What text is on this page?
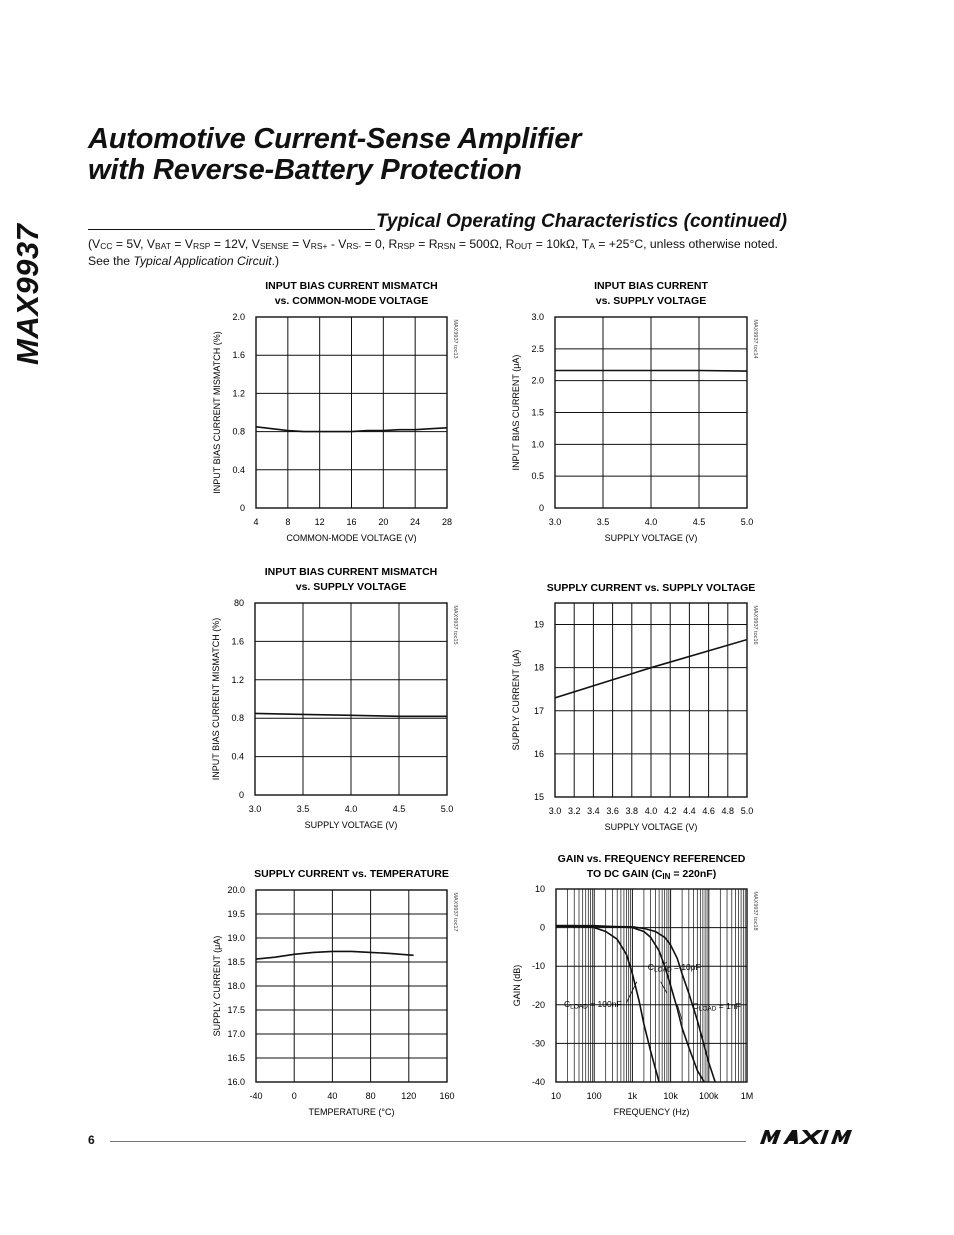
Automotive Current-Sense Amplifier
with Reverse-Battery Protection
MAX9937
Typical Operating Characteristics (continued)
($V_{CC} = 5V$, $V_{BAT} = V_{RSP} = 12V$, $V_{SENSE} = V_{RS+} - V_{RS-} = 0$, $R_{RSP} = R_{RSN} = 500\Omega$, $R_{OUT} = 10k\Omega$, $T_A = +25^\circ C$, unless otherwise noted.
See the Typical Application Circuit.)
INPUT BIAS CURRENT MISMATCH
vs. COMMON-MODE VOLTAGE
4	8	12 16 20 24 28
0
0.4
0.8
1.2
1.6
2.0
COMMON-MODE VOLTAGE (V)
INPUT BIAS CURRENT MISMATCH (%)	MAX9937 toc13
INPUT BIAS CURRENT
vs. SUPPLY VOLTAGE
3.0	3.5	4.0	4.5	5.0
0
0.5
1.0
1.5
2.0
2.5
3.0
SUPPLY VOLTAGE (V)
INPUT BIAS CURRENT (μA)
MAX9937 toc14
INPUT BIAS CURRENT MISMATCH
vs. SUPPLY VOLTAGE
3.0	3.5	4.0	4.5	5.0
0
0.4
0.8
1.2
1.6
80
SUPPLY VOLTAGE (V)
INPUT BIAS CURRENT MISMATCH (%)	MAX9937 toc15
SUPPLY CURRENT vs. SUPPLY VOLTAGE
3.0 3.2 3.4 3.6 3.8 4.0 4.2 4.4 4.6 4.8 5.0
15
16
17
18
19
SUPPLY VOLTAGE (V)
SUPPLY CURRENT (μA)
MAX9937 toc16
SUPPLY CURRENT vs. TEMPERATURE
-40	0	40	80	120	160
16.0
16.5
17.0
17.5
18.0
18.5
19.0
19.5
20.0
TEMPERATURE (°C)
SUPPLY CURRENT (μA)
MAX9937 toc17
GAIN vs. FREQUENCY REFERENCED
TO DC GAIN (CIN = 220nF)
10	100	1k	10k 100k 1M
-40
-30
-20
-10
0
10
FREQUENCY (Hz)
GAIN (dB)
MAX9937 toc18
CLOAD = 10pF
CLOAD = 100nF	CLOAD = 1nF
6
